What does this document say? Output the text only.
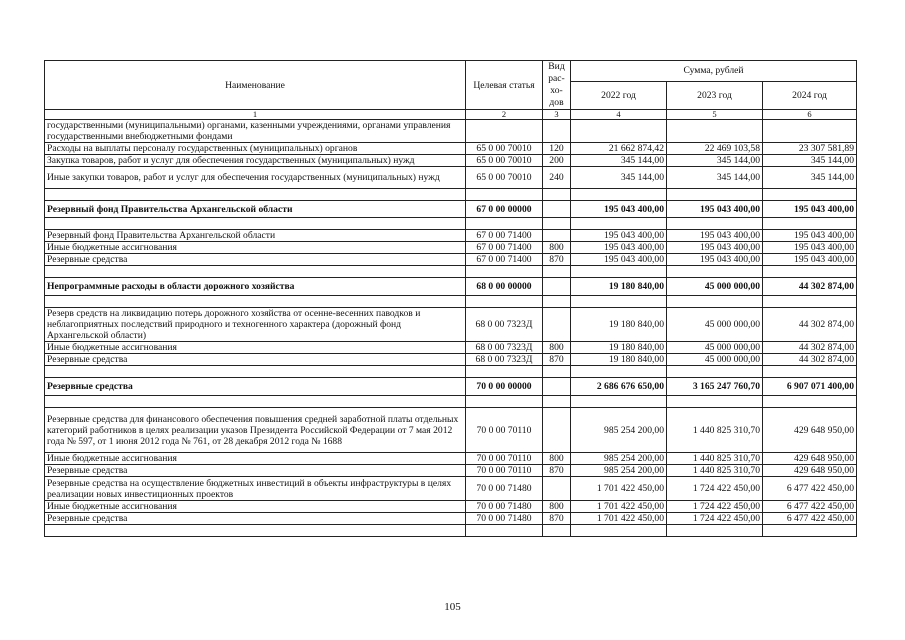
Наименование	Целевая статья	Вид рас-хо-дов	Сумма, рублей		
			2022 год	2023 год	2024 год
1	2	3	4	5	6
государственными (муниципальными) органами, казенными учреждениями, органами управления государственными внебюджетными фондами					
Расходы на выплаты персоналу государственных (муниципальных) органов	65 0 00 70010	120	21 662 874,42	22 469 103,58	23 307 581,89
Закупка товаров, работ и услуг для обеспечения государственных (муниципальных) нужд	65 0 00 70010	200	345 144,00	345 144,00	345 144,00
Иные закупки товаров, работ и услуг для обеспечения государственных (муниципальных) нужд	65 0 00 70010	240	345 144,00	345 144,00	345 144,00

Резервный фонд Правительства Архангельской области	67 0 00 00000		195 043 400,00	195 043 400,00	195 043 400,00

Резервный фонд Правительства Архангельской области	67 0 00 71400		195 043 400,00	195 043 400,00	195 043 400,00
Иные бюджетные ассигнования	67 0 00 71400	800	195 043 400,00	195 043 400,00	195 043 400,00
Резервные средства	67 0 00 71400	870	195 043 400,00	195 043 400,00	195 043 400,00

Непрограммные расходы в области дорожного хозяйства	68 0 00 00000		19 180 840,00	45 000 000,00	44 302 874,00

Резерв средств на ликвидацию потерь дорожного хозяйства от осенне-весенних паводков и неблагоприятных последствий природного и техногенного характера (дорожный фонд Архангельской области)	68 0 00 7323Д		19 180 840,00	45 000 000,00	44 302 874,00
Иные бюджетные ассигнования	68 0 00 7323Д	800	19 180 840,00	45 000 000,00	44 302 874,00
Резервные средства	68 0 00 7323Д	870	19 180 840,00	45 000 000,00	44 302 874,00

Резервные средства	70 0 00 00000		2 686 676 650,00	3 165 247 760,70	6 907 071 400,00

Резервные средства для финансового обеспечения повышения средней заработной платы отдельных категорий работников в целях реализации указов Президента Российской Федерации от 7 мая 2012 года № 597, от 1 июня 2012 года № 761, от 28 декабря 2012 года № 1688	70 0 00 70110		985 254 200,00	1 440 825 310,70	429 648 950,00
Иные бюджетные ассигнования	70 0 00 70110	800	985 254 200,00	1 440 825 310,70	429 648 950,00
Резервные средства	70 0 00 70110	870	985 254 200,00	1 440 825 310,70	429 648 950,00
Резервные средства на осуществление бюджетных инвестиций в объекты инфраструктуры в целях реализации новых инвестиционных проектов	70 0 00 71480		1 701 422 450,00	1 724 422 450,00	6 477 422 450,00
Иные бюджетные ассигнования	70 0 00 71480	800	1 701 422 450,00	1 724 422 450,00	6 477 422 450,00
Резервные средства	70 0 00 71480	870	1 701 422 450,00	1 724 422 450,00	6 477 422 450,00

105
